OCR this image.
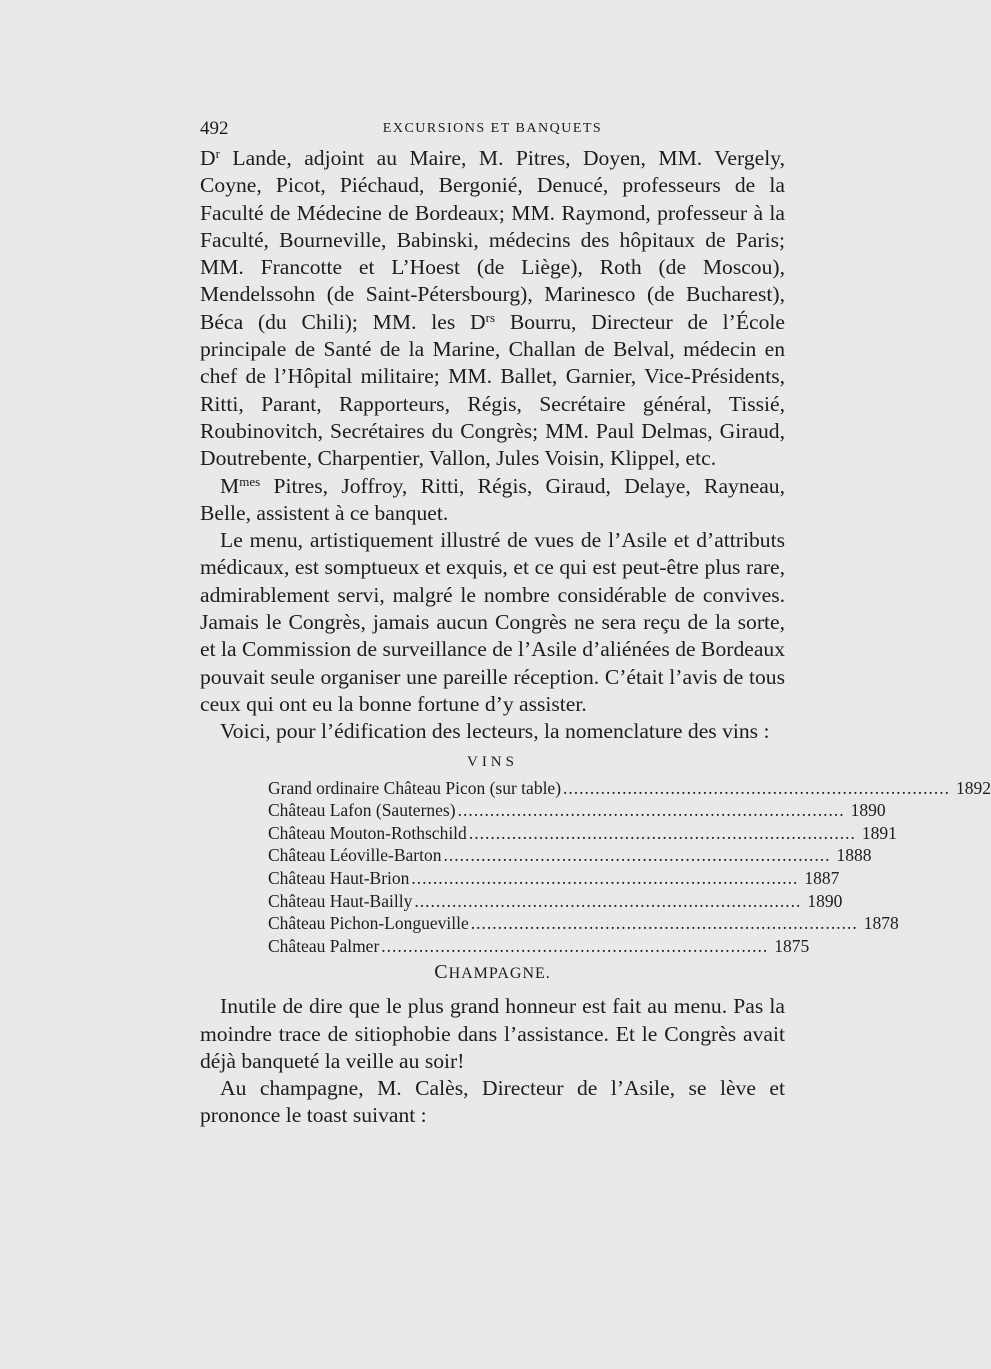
492	EXCURSIONS ET BANQUETS

$D^r$ Lande, adjoint au Maire, M. Pitres, Doyen, MM. Vergely, Coyne, Picot, Piéchaud, Bergonié, Denucé, professeurs de la Faculté de Médecine de Bordeaux; MM. Raymond, professeur à la Faculté, Bourneville, Babinski, médecins des hôpitaux de Paris; MM. Francotte et L’Hoest (de Liège), Roth (de Moscou), Mendelssohn (de Saint-Pétersbourg), Marinesco (de Bucharest), Béca (du Chili); MM. les $D^{rs}$ Bourru, Directeur de l’École principale de Santé de la Marine, Challan de Belval, médecin en chef de l’Hôpital militaire; MM. Ballet, Garnier, Vice-Présidents, Ritti, Parant, Rapporteurs, Régis, Secrétaire général, Tissié, Roubinovitch, Secrétaires du Congrès; MM. Paul Delmas, Giraud, Doutrebente, Charpentier, Vallon, Jules Voisin, Klippel, etc.

$M^{mes}$ Pitres, Joffroy, Ritti, Régis, Giraud, Delaye, Rayneau, Belle, assistent à ce banquet.

Le menu, artistiquement illustré de vues de l’Asile et d’attributs médicaux, est somptueux et exquis, et ce qui est peut-être plus rare, admirablement servi, malgré le nombre considérable de convives. Jamais le Congrès, jamais aucun Congrès ne sera reçu de la sorte, et la Commission de surveillance de l’Asile d’aliénées de Bordeaux pouvait seule organiser une pareille réception. C’était l’avis de tous ceux qui ont eu la bonne fortune d’y assister.

Voici, pour l’édification des lecteurs, la nomenclature des vins :

VINS
Grand ordinaire Château Picon (sur table) ........................................................................ 1892
Château Lafon (Sauternes) ........................................................................ 1890
Château Mouton-Rothschild ........................................................................ 1891
Château Léoville-Barton ........................................................................ 1888
Château Haut-Brion ........................................................................ 1887
Château Haut-Bailly ........................................................................ 1890
Château Pichon-Longueville ........................................................................ 1878
Château Palmer ........................................................................ 1875
CHAMPAGNE.

Inutile de dire que le plus grand honneur est fait au menu. Pas la moindre trace de sitiophobie dans l’assistance. Et le Congrès avait déjà banqueté la veille au soir!

Au champagne, M. Calès, Directeur de l’Asile, se lève et prononce le toast suivant :
